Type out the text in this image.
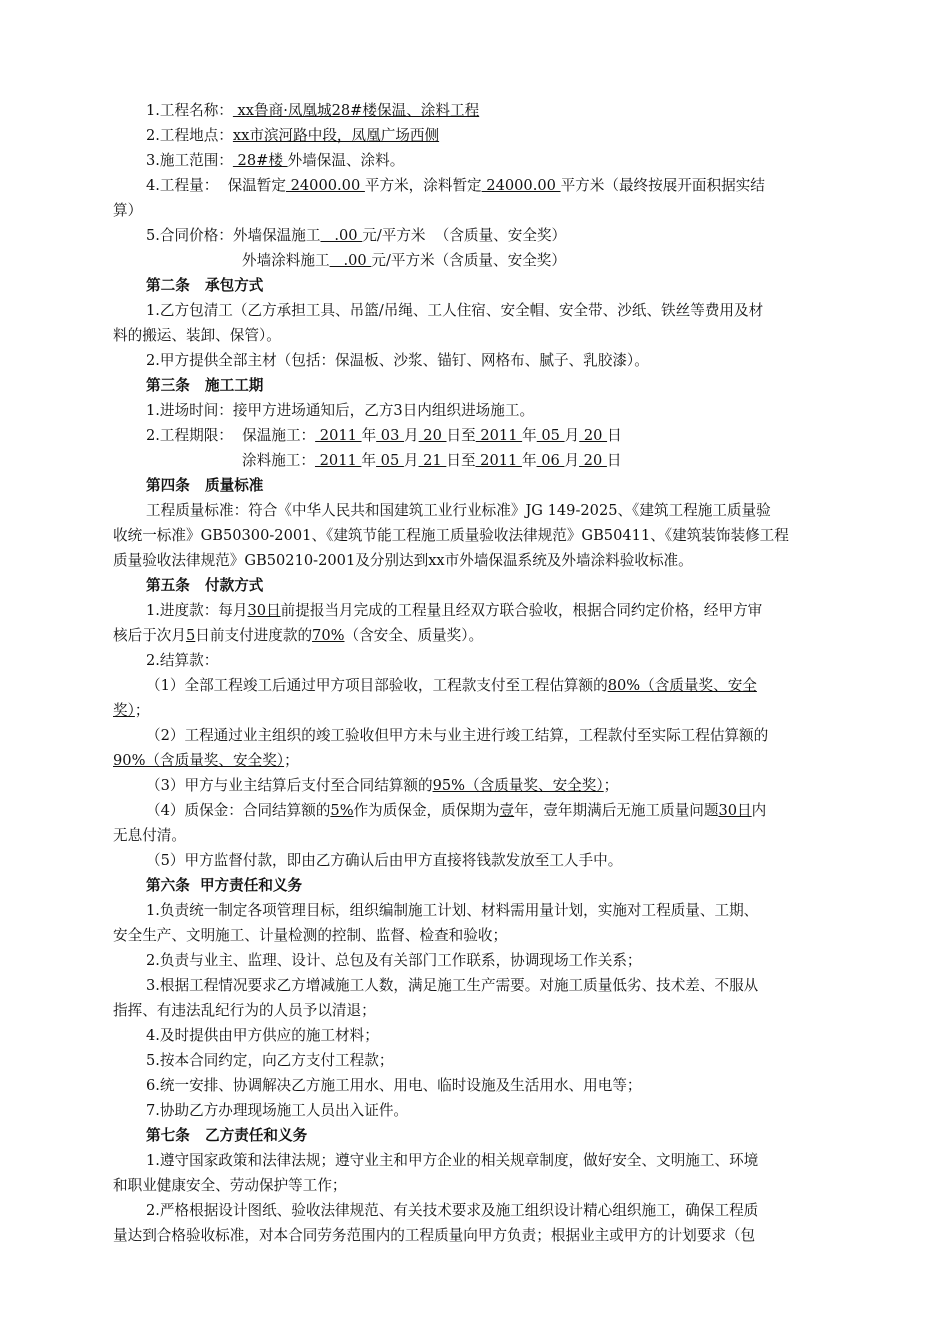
1.工程名称： xx鲁商·凤凰城28#楼保温、涂料工程
2.工程地点：xx市滨河路中段，凤凰广场西侧
3.施工范围： 28#楼 外墙保温、涂料。
4.工程量：  保温暂定 24000.00 平方米，涂料暂定 24000.00 平方米（最终按展开面积据实结
算）
5.合同价格：外墙保温施工   .00 元/平方米  （含质量、安全奖）
外墙涂料施工   .00 元/平方米（含质量、安全奖）
第二条   承包方式
1.乙方包清工（乙方承担工具、吊篮/吊绳、工人住宿、安全帽、安全带、沙纸、铁丝等费用及材
料的搬运、装卸、保管）。
2.甲方提供全部主材（包括：保温板、沙浆、锚钉、网格布、腻子、乳胶漆）。
第三条   施工工期
1.进场时间：接甲方进场通知后，乙方3日内组织进场施工。
2.工程期限：  保温施工： 2011 年 03 月 20 日至 2011 年 05 月 20 日
涂料施工： 2011 年 05 月 21 日至 2011 年 06 月 20 日
第四条   质量标准
工程质量标准：符合《中华人民共和国建筑工业行业标准》JG 149-2025、《建筑工程施工质量验
收统一标准》GB50300-2001、《建筑节能工程施工质量验收法律规范》GB50411、《建筑装饰装修工程
质量验收法律规范》GB50210-2001及分别达到xx市外墙保温系统及外墙涂料验收标准。
第五条   付款方式
1.进度款：每月30日前提报当月完成的工程量且经双方联合验收，根据合同约定价格，经甲方审
核后于次月5日前支付进度款的70%（含安全、质量奖）。
2.结算款：
（1）全部工程竣工后通过甲方项目部验收，工程款支付至工程估算额的80%（含质量奖、安全
奖）；
（2）工程通过业主组织的竣工验收但甲方未与业主进行竣工结算，工程款付至实际工程估算额的
90%（含质量奖、安全奖）；
（3）甲方与业主结算后支付至合同结算额的95%（含质量奖、安全奖）；
（4）质保金：合同结算额的5%作为质保金，质保期为壹年，壹年期满后无施工质量问题30日内
无息付清。
（5）甲方监督付款，即由乙方确认后由甲方直接将钱款发放至工人手中。
第六条  甲方责任和义务
1.负责统一制定各项管理目标，组织编制施工计划、材料需用量计划，实施对工程质量、工期、
安全生产、文明施工、计量检测的控制、监督、检查和验收；
2.负责与业主、监理、设计、总包及有关部门工作联系，协调现场工作关系；
3.根据工程情况要求乙方增减施工人数，满足施工生产需要。对施工质量低劣、技术差、不服从
指挥、有违法乱纪行为的人员予以清退；
4.及时提供由甲方供应的施工材料；
5.按本合同约定，向乙方支付工程款；
6.统一安排、协调解决乙方施工用水、用电、临时设施及生活用水、用电等；
7.协助乙方办理现场施工人员出入证件。
第七条   乙方责任和义务
1.遵守国家政策和法律法规；遵守业主和甲方企业的相关规章制度，做好安全、文明施工、环境
和职业健康安全、劳动保护等工作；
2.严格根据设计图纸、验收法律规范、有关技术要求及施工组织设计精心组织施工，确保工程质
量达到合格验收标准，对本合同劳务范围内的工程质量向甲方负责；根据业主或甲方的计划要求（包
